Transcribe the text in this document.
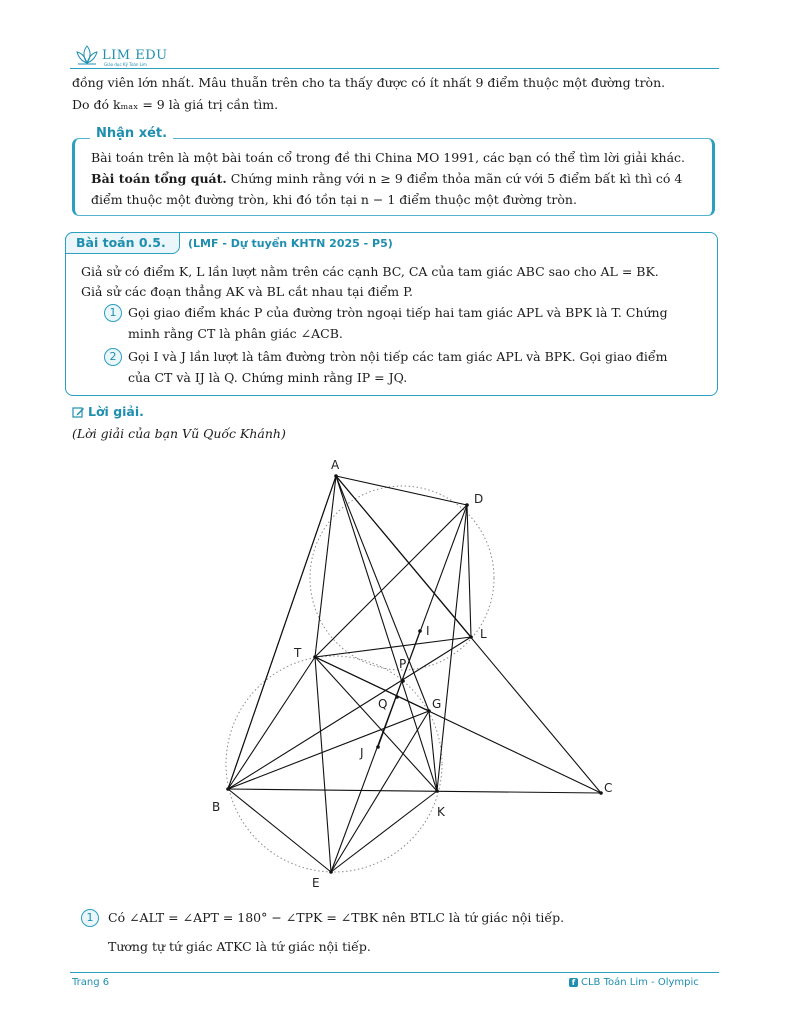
LIM EDU
Giáo dục Kỹ Toán Lim
đồng viên lớn nhất. Mâu thuẫn trên cho ta thấy được có ít nhất 9 điểm thuộc một đường tròn.
Do đó kₘₐₓ = 9 là giá trị cần tìm.
Nhận xét.
Bài toán trên là một bài toán cổ trong đề thi China MO 1991, các bạn có thể tìm lời giải khác.
Bài toán tổng quát. Chứng minh rằng với n ≥ 9 điểm thỏa mãn cứ với 5 điểm bất kì thì có 4
điểm thuộc một đường tròn, khi đó tồn tại n − 1 điểm thuộc một đường tròn.
Bài toán 0.5. (LMF - Dự tuyển KHTN 2025 - P5)
Giả sử có điểm K, L lần lượt nằm trên các cạnh BC, CA của tam giác ABC sao cho AL = BK.
Giả sử các đoạn thẳng AK và BL cắt nhau tại điểm P.
1 Gọi giao điểm khác P của đường tròn ngoại tiếp hai tam giác APL và BPK là T. Chứng
minh rằng CT là phân giác ∠ACB.
2 Gọi I và J lần lượt là tâm đường tròn nội tiếp các tam giác APL và BPK. Gọi giao điểm
của CT và IJ là Q. Chứng minh rằng IP = JQ.
Lời giải.
(Lời giải của bạn Vũ Quốc Khánh)
A
B
C
D
E
G
I
J
K
L
P
Q
T
1	Có ∠ALT = ∠APT = 180° − ∠TPK = ∠TBK nên BTLC là tứ giác nội tiếp.
Tương tự tứ giác ATKC là tứ giác nội tiếp.
Trang 6	f CLB Toán Lim - Olympic
